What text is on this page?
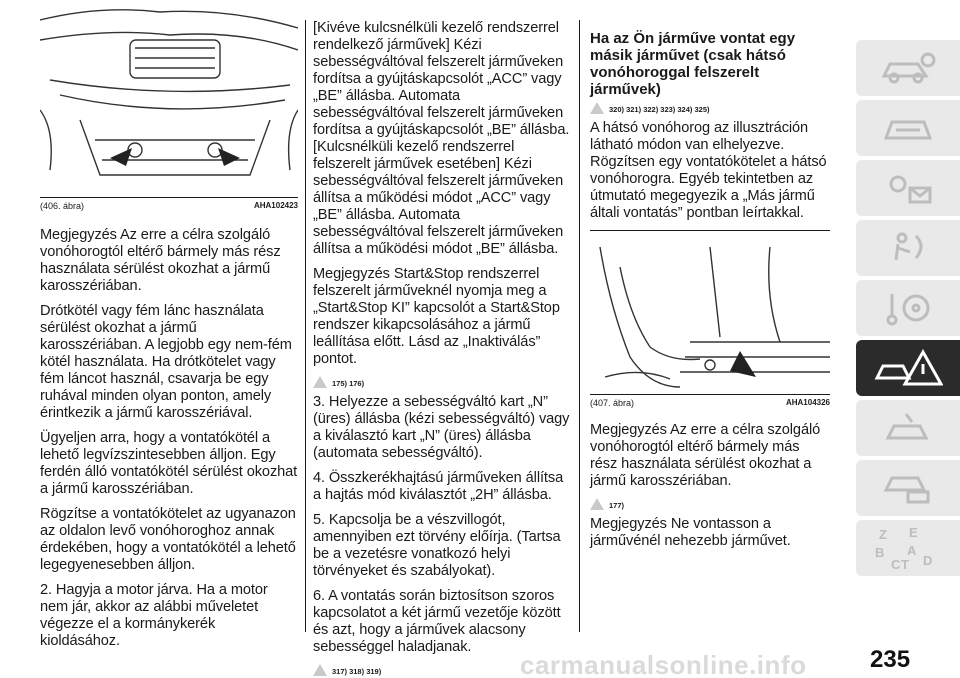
(406. ábra)	AHA102423

Megjegyzés Az erre a célra szolgáló vonóhorogtól eltérő bármely más rész használata sérülést okozhat a jármű karosszériában.

Drótkötél vagy fém lánc használata sérülést okozhat a jármű karosszériában. A legjobb egy nem-fém kötél használata. Ha drótkötelet vagy fém láncot használ, csavarja be egy ruhával minden olyan ponton, amely érintkezik a jármű karosszériával.

Ügyeljen arra, hogy a vontatókötél a lehető legvízszintesebben álljon. Egy ferdén álló vontatókötél sérülést okozhat a jármű karosszériában.

Rögzítse a vontatókötelet az ugyanazon az oldalon levő vonóhoroghoz annak érdekében, hogy a vontatókötél a lehető legegyenesebben álljon.

2. Hagyja a motor járva. Ha a motor nem jár, akkor az alábbi műveletet végezze el a kormánykerék kioldásához.

[Kivéve kulcsnélküli kezelő rendszerrel rendelkező járművek] Kézi sebességváltóval felszerelt járműveken fordítsa a gyújtáskapcsolót „ACC” vagy „BE” állásba. Automata sebességváltóval felszerelt járműveken fordítsa a gyújtáskapcsolót „BE” állásba. [Kulcsnélküli kezelő rendszerrel felszerelt járművek esetében] Kézi sebességváltóval felszerelt járműveken állítsa a működési módot „ACC” vagy „BE” állásba. Automata sebességváltóval felszerelt járműveken állítsa a működési módot „BE” állásba.

Megjegyzés Start&Stop rendszerrel felszerelt járműveknél nyomja meg a „Start&Stop KI” kapcsolót a Start&Stop rendszer kikapcsolásához a jármű leállítása előtt. Lásd az „Inaktiválás” pontot.

175) 176)

3. Helyezze a sebességváltó kart „N” (üres) állásba (kézi sebességváltó) vagy a kiválasztó kart „N” (üres) állásba (automata sebességváltó).

4. Összkerékhajtású járműveken állítsa a hajtás mód kiválasztót „2H” állásba.

5. Kapcsolja be a vészvillogót, amennyiben ezt törvény előírja. (Tartsa be a vezetésre vonatkozó helyi törvényeket és szabályokat).

6. A vontatás során biztosítson szoros kapcsolatot a két jármű vezetője között és azt, hogy a járművek alacsony sebességgel haladjanak.

317) 318) 319)
Ha az Ön járműve vontat egy másik járművet (csak hátsó vonóhoroggal felszerelt járművek)
320) 321) 322) 323) 324) 325)

A hátsó vonóhorog az illusztráción látható módon van elhelyezve. Rögzítsen egy vontatókötelet a hátsó vonóhorogra. Egyéb tekintetben az útmutató megegyezik a „Más jármű általi vontatás” pontban leírtakkal.

(407. ábra)	AHA104326

Megjegyzés Az erre a célra szolgáló vonóhorogtól eltérő bármely más rész használata sérülést okozhat a jármű karosszériában.

177)

Megjegyzés Ne vontasson a járművénél nehezebb járművet.	Z E
B
C
A
T D
carmanualsonline.info	235
